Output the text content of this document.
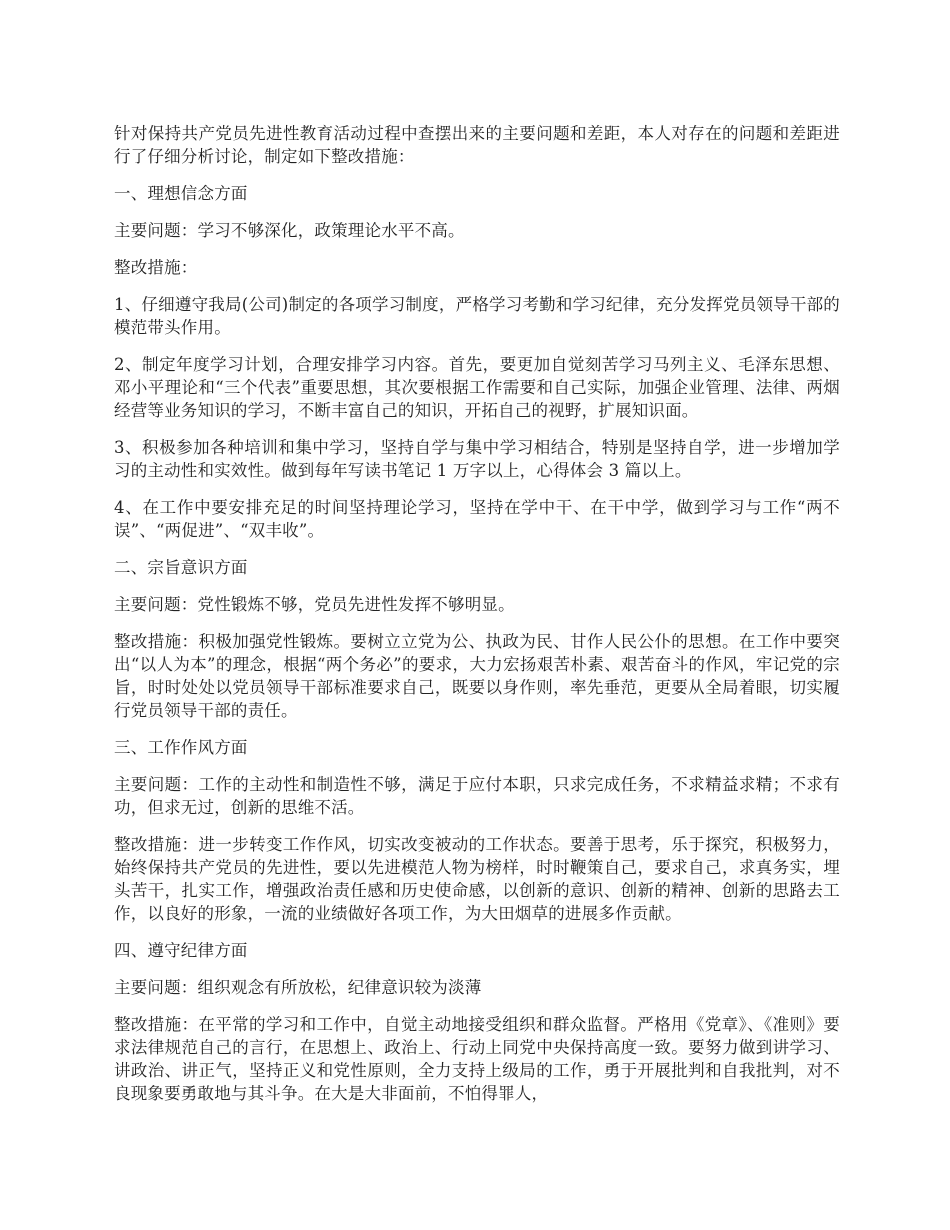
针对保持共产党员先进性教育活动过程中查摆出来的主要问题和差距，本人对存在的问题和差距进行了仔细分析讨论，制定如下整改措施：

一、理想信念方面

主要问题：学习不够深化，政策理论水平不高。

整改措施：

1、仔细遵守我局(公司)制定的各项学习制度，严格学习考勤和学习纪律，充分发挥党员领导干部的模范带头作用。

2、制定年度学习计划，合理安排学习内容。首先，要更加自觉刻苦学习马列主义、毛泽东思想、邓小平理论和“三个代表”重要思想，其次要根据工作需要和自己实际，加强企业管理、法律、两烟经营等业务知识的学习，不断丰富自己的知识，开拓自己的视野，扩展知识面。

3、积极参加各种培训和集中学习，坚持自学与集中学习相结合，特别是坚持自学，进一步增加学习的主动性和实效性。做到每年写读书笔记 1 万字以上，心得体会 3 篇以上。

4、在工作中要安排充足的时间坚持理论学习，坚持在学中干、在干中学，做到学习与工作“两不误”、“两促进”、“双丰收”。

二、宗旨意识方面

主要问题：党性锻炼不够，党员先进性发挥不够明显。

整改措施：积极加强党性锻炼。要树立立党为公、执政为民、甘作人民公仆的思想。在工作中要突出“以人为本”的理念，根据“两个务必”的要求，大力宏扬艰苦朴素、艰苦奋斗的作风，牢记党的宗旨，时时处处以党员领导干部标准要求自己，既要以身作则，率先垂范，更要从全局着眼，切实履行党员领导干部的责任。

三、工作作风方面

主要问题：工作的主动性和制造性不够，满足于应付本职，只求完成任务，不求精益求精；不求有功，但求无过，创新的思维不活。

整改措施：进一步转变工作作风，切实改变被动的工作状态。要善于思考，乐于探究，积极努力，始终保持共产党员的先进性，要以先进模范人物为榜样，时时鞭策自己，要求自己，求真务实，埋头苦干，扎实工作，增强政治责任感和历史使命感，以创新的意识、创新的精神、创新的思路去工作，以良好的形象，一流的业绩做好各项工作，为大田烟草的进展多作贡献。

四、遵守纪律方面

主要问题：组织观念有所放松，纪律意识较为淡薄

整改措施：在平常的学习和工作中，自觉主动地接受组织和群众监督。严格用《党章》、《准则》要求法律规范自己的言行，在思想上、政治上、行动上同党中央保持高度一致。要努力做到讲学习、讲政治、讲正气，坚持正义和党性原则，全力支持上级局的工作，勇于开展批判和自我批判，对不良现象要勇敢地与其斗争。在大是大非面前，不怕得罪人，
